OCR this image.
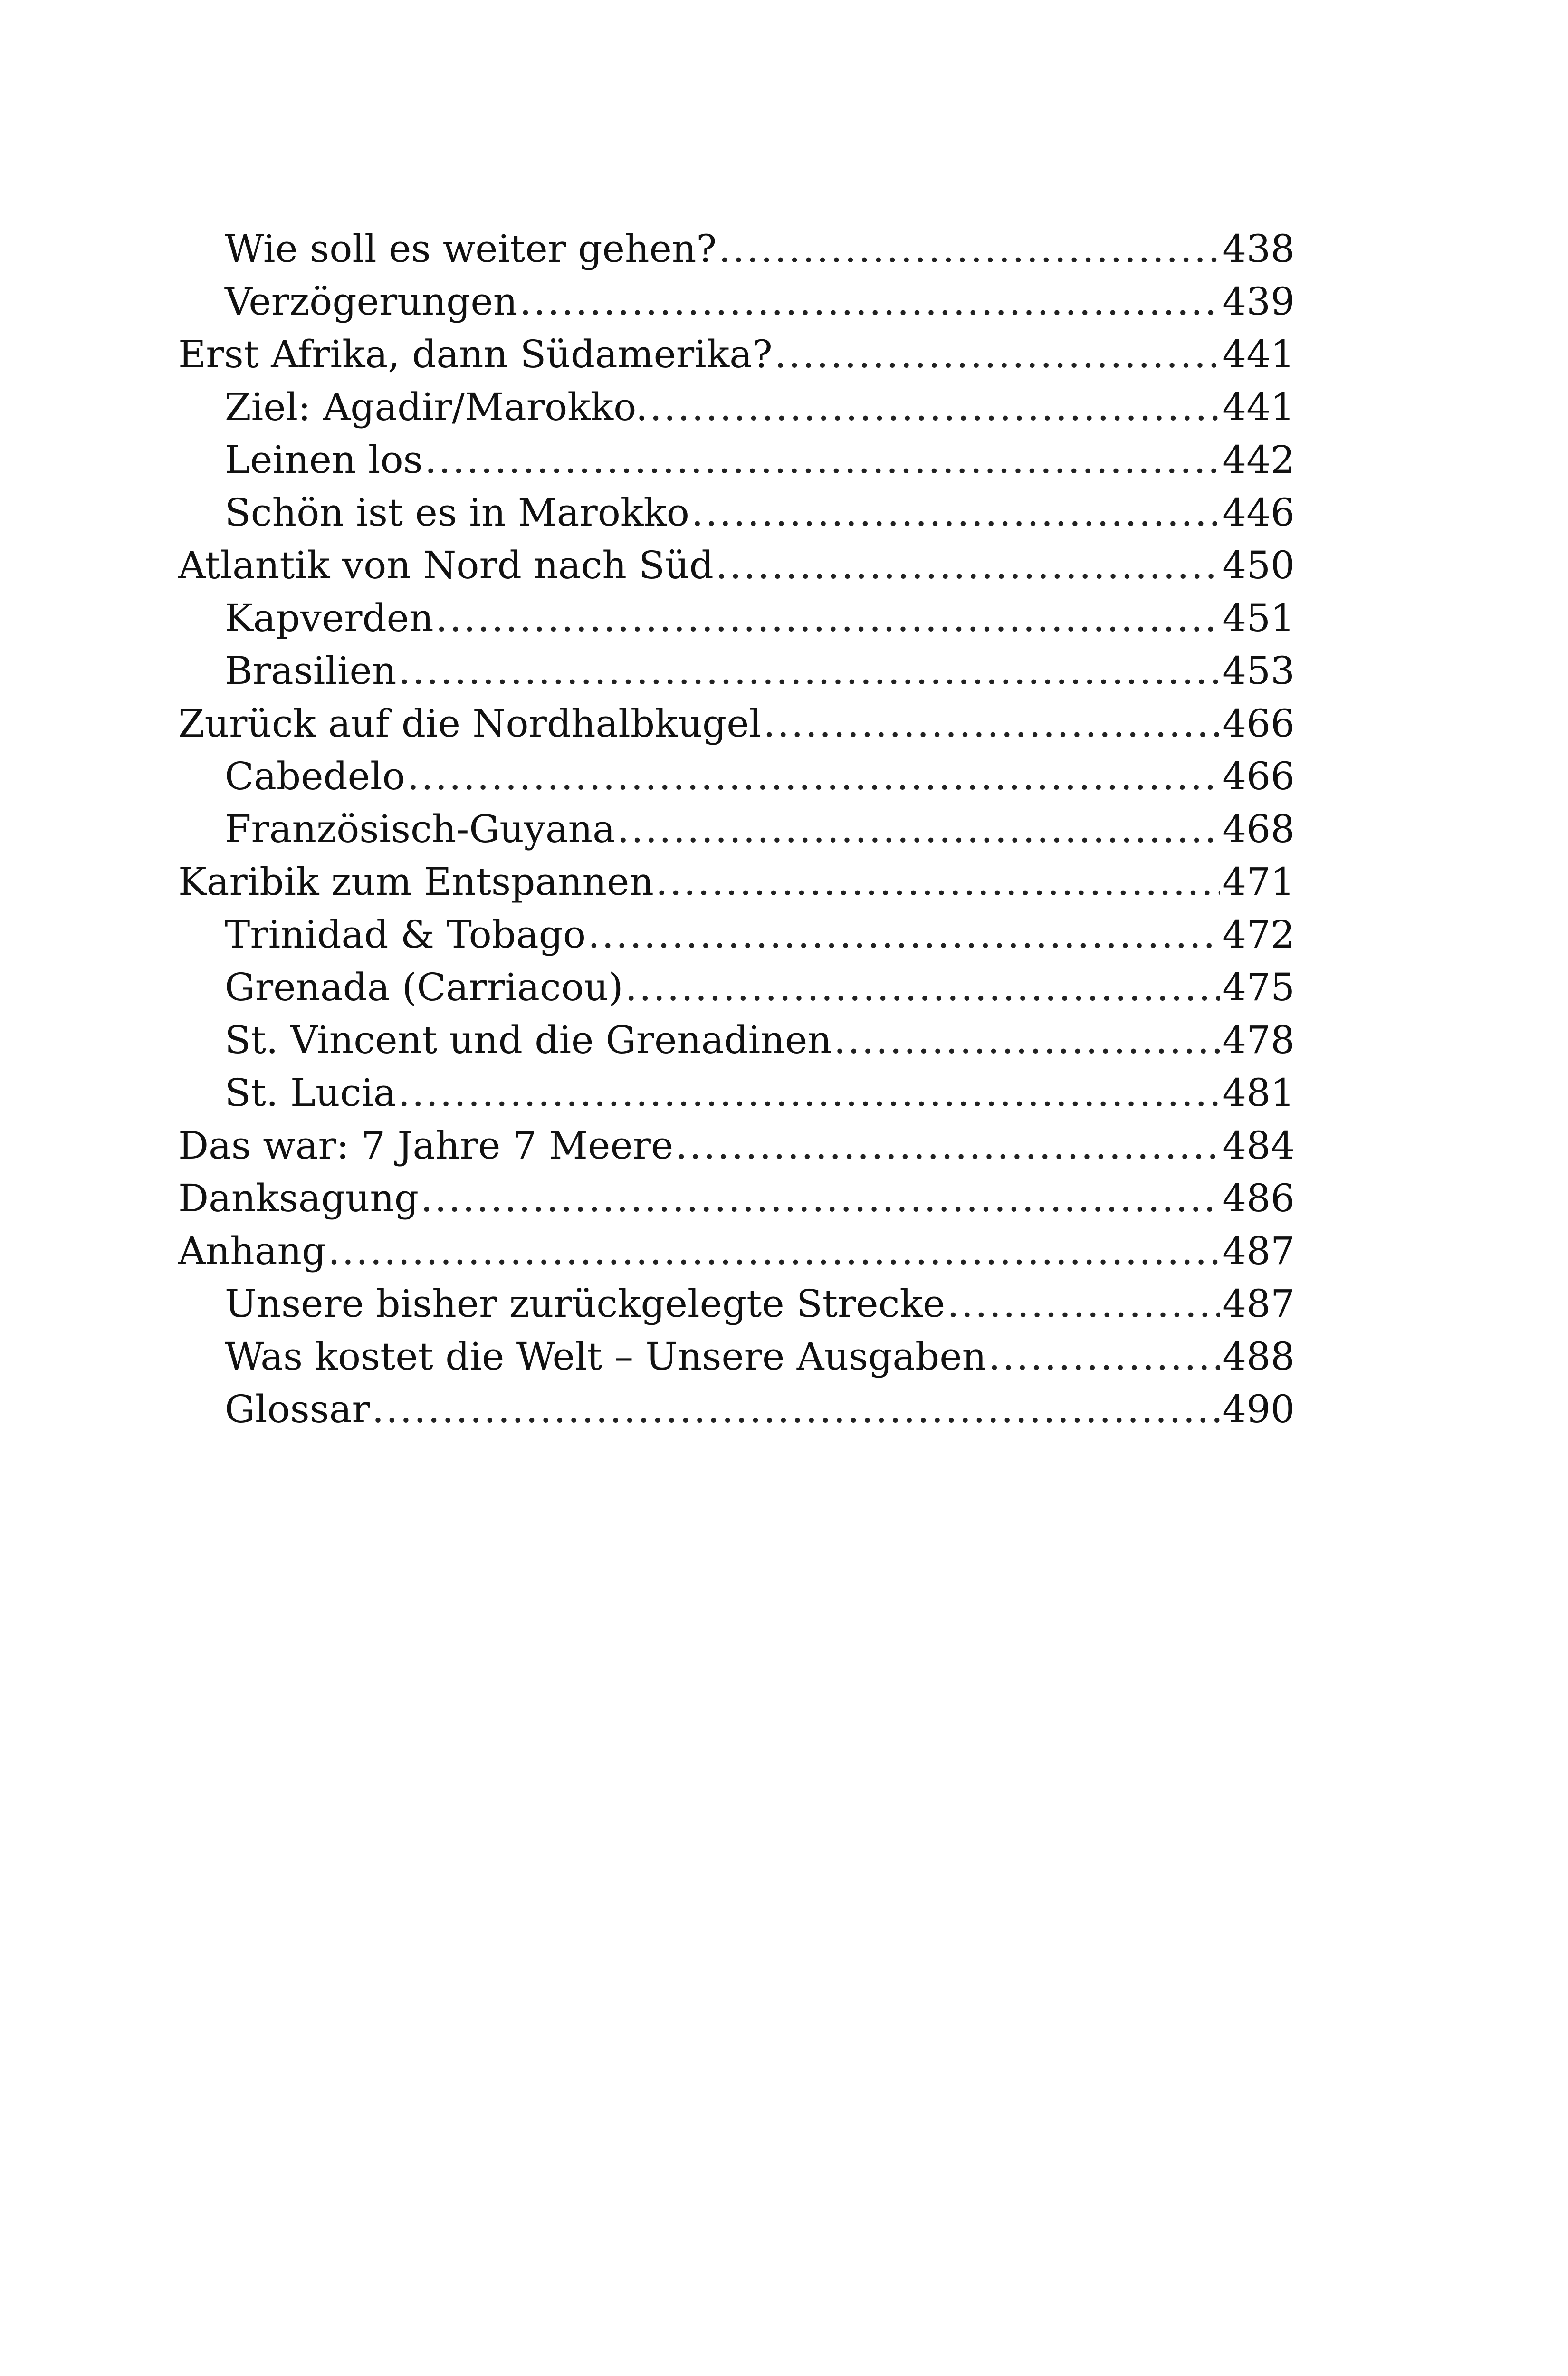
Wie soll es weiter gehen? .....	438
Verzögerungen .....	439
Erst Afrika, dann Südamerika? .....	441
Ziel: Agadir/Marokko. .....	441
Leinen los .....	442
Schön ist es in Marokko .....	446
Atlantik von Nord nach Süd .....	450
Kapverden .....	451
Brasilien .....	453
Zurück auf die Nordhalbkugel .....	466
Cabedelo .....	466
Französisch-Guyana .....	468
Karibik zum Entspannen .....	471
Trinidad & Tobago .....	472
Grenada (Carriacou) .....	475
St. Vincent und die Grenadinen .....	478
St. Lucia .....	481
Das war: 7 Jahre 7 Meere .....	484
Danksagung .....	486
Anhang .....	487
Unsere bisher zurückgelegte Strecke .....	487
Was kostet die Welt – Unsere Ausgaben .....	488
Glossar .....	490
